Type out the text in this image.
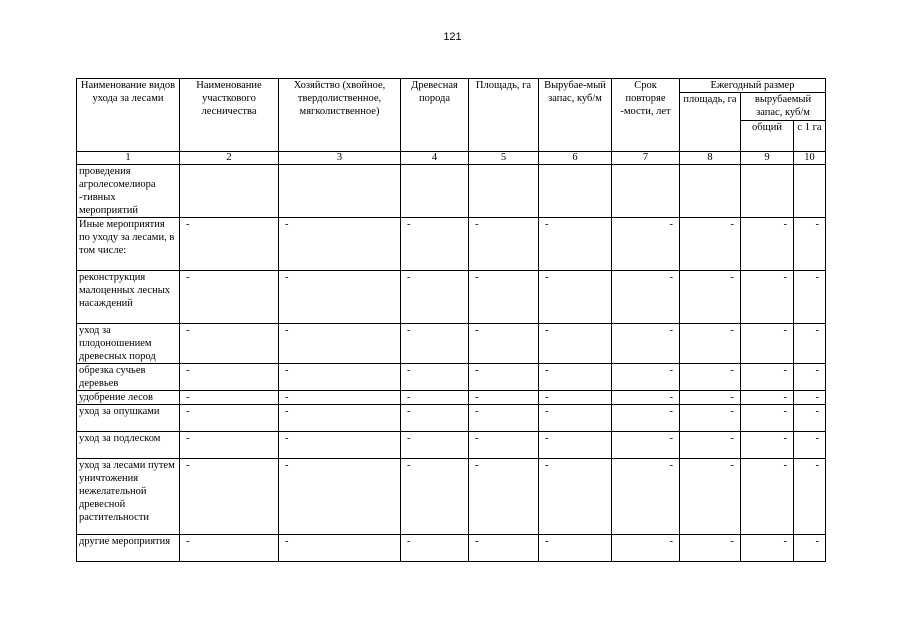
121
Наименование видов ухода за лесами	Наименование участкового лесничества	Хозяйство (хвойное, твердолиственное, мягколиственное)	Древесная порода	Площадь, га	Вырубае-мый запас, куб/м	Срок повторяе -мости, лет	Ежегодный размер		
							площадь, га	вырубаемый запас, куб/м	
								общий	с 1 га
1	2	3	4	5	6	7	8	9	10
проведения агролесомелиора -тивных мероприятий	

Иные мероприятия по уходу за лесами, в том числе:	-	-	-	-	-	-	-	-	-

реконструкция малоценных лесных насаждений	-	-	-	-	-	-	-	-	-

уход за плодоношением древесных пород	-	-	-	-	-	-	-	-	-

обрезка сучьев деревьев	-	-	-	-	-	-	-	-	-

удобрение лесов	-	-	-	-	-	-	-	-	-

уход за опушками	-	-	-	-	-	-	-	-	-

уход за подлеском	-	-	-	-	-	-	-	-	-

уход за лесами путем уничтожения нежелательной древесной растительности	-	-	-	-	-	-	-	-	-

другие мероприятия	-	-	-	-	-	-	-	-	-
